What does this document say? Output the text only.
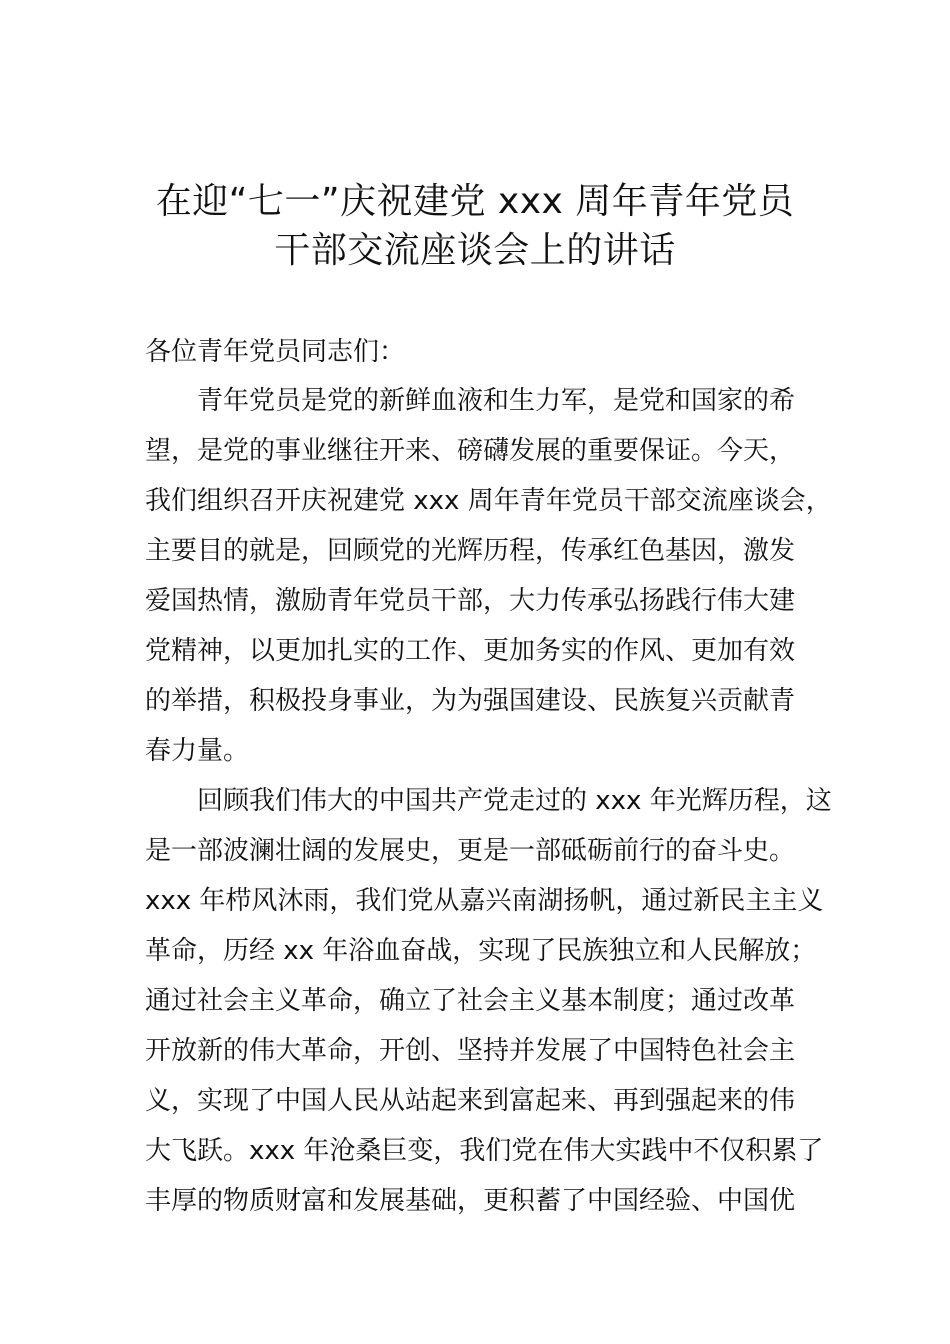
在迎“七一”庆祝建党 xxx 周年青年党员
干部交流座谈会上的讲话
各位青年党员同志们：
青年党员是党的新鲜血液和生力军，是党和国家的希
望，是党的事业继往开来、磅礴发展的重要保证。今天，
我们组织召开庆祝建党 xxx 周年青年党员干部交流座谈会，
主要目的就是，回顾党的光辉历程，传承红色基因，激发
爱国热情，激励青年党员干部，大力传承弘扬践行伟大建
党精神，以更加扎实的工作、更加务实的作风、更加有效
的举措，积极投身事业，为为强国建设、民族复兴贡献青
春力量。
回顾我们伟大的中国共产党走过的 xxx 年光辉历程，这
是一部波澜壮阔的发展史，更是一部砥砺前行的奋斗史。
xxx 年栉风沐雨，我们党从嘉兴南湖扬帆，通过新民主主义
革命，历经 xx 年浴血奋战，实现了民族独立和人民解放；
通过社会主义革命，确立了社会主义基本制度；通过改革
开放新的伟大革命，开创、坚持并发展了中国特色社会主
义，实现了中国人民从站起来到富起来、再到强起来的伟
大飞跃。xxx 年沧桑巨变，我们党在伟大实践中不仅积累了
丰厚的物质财富和发展基础，更积蓄了中国经验、中国优
